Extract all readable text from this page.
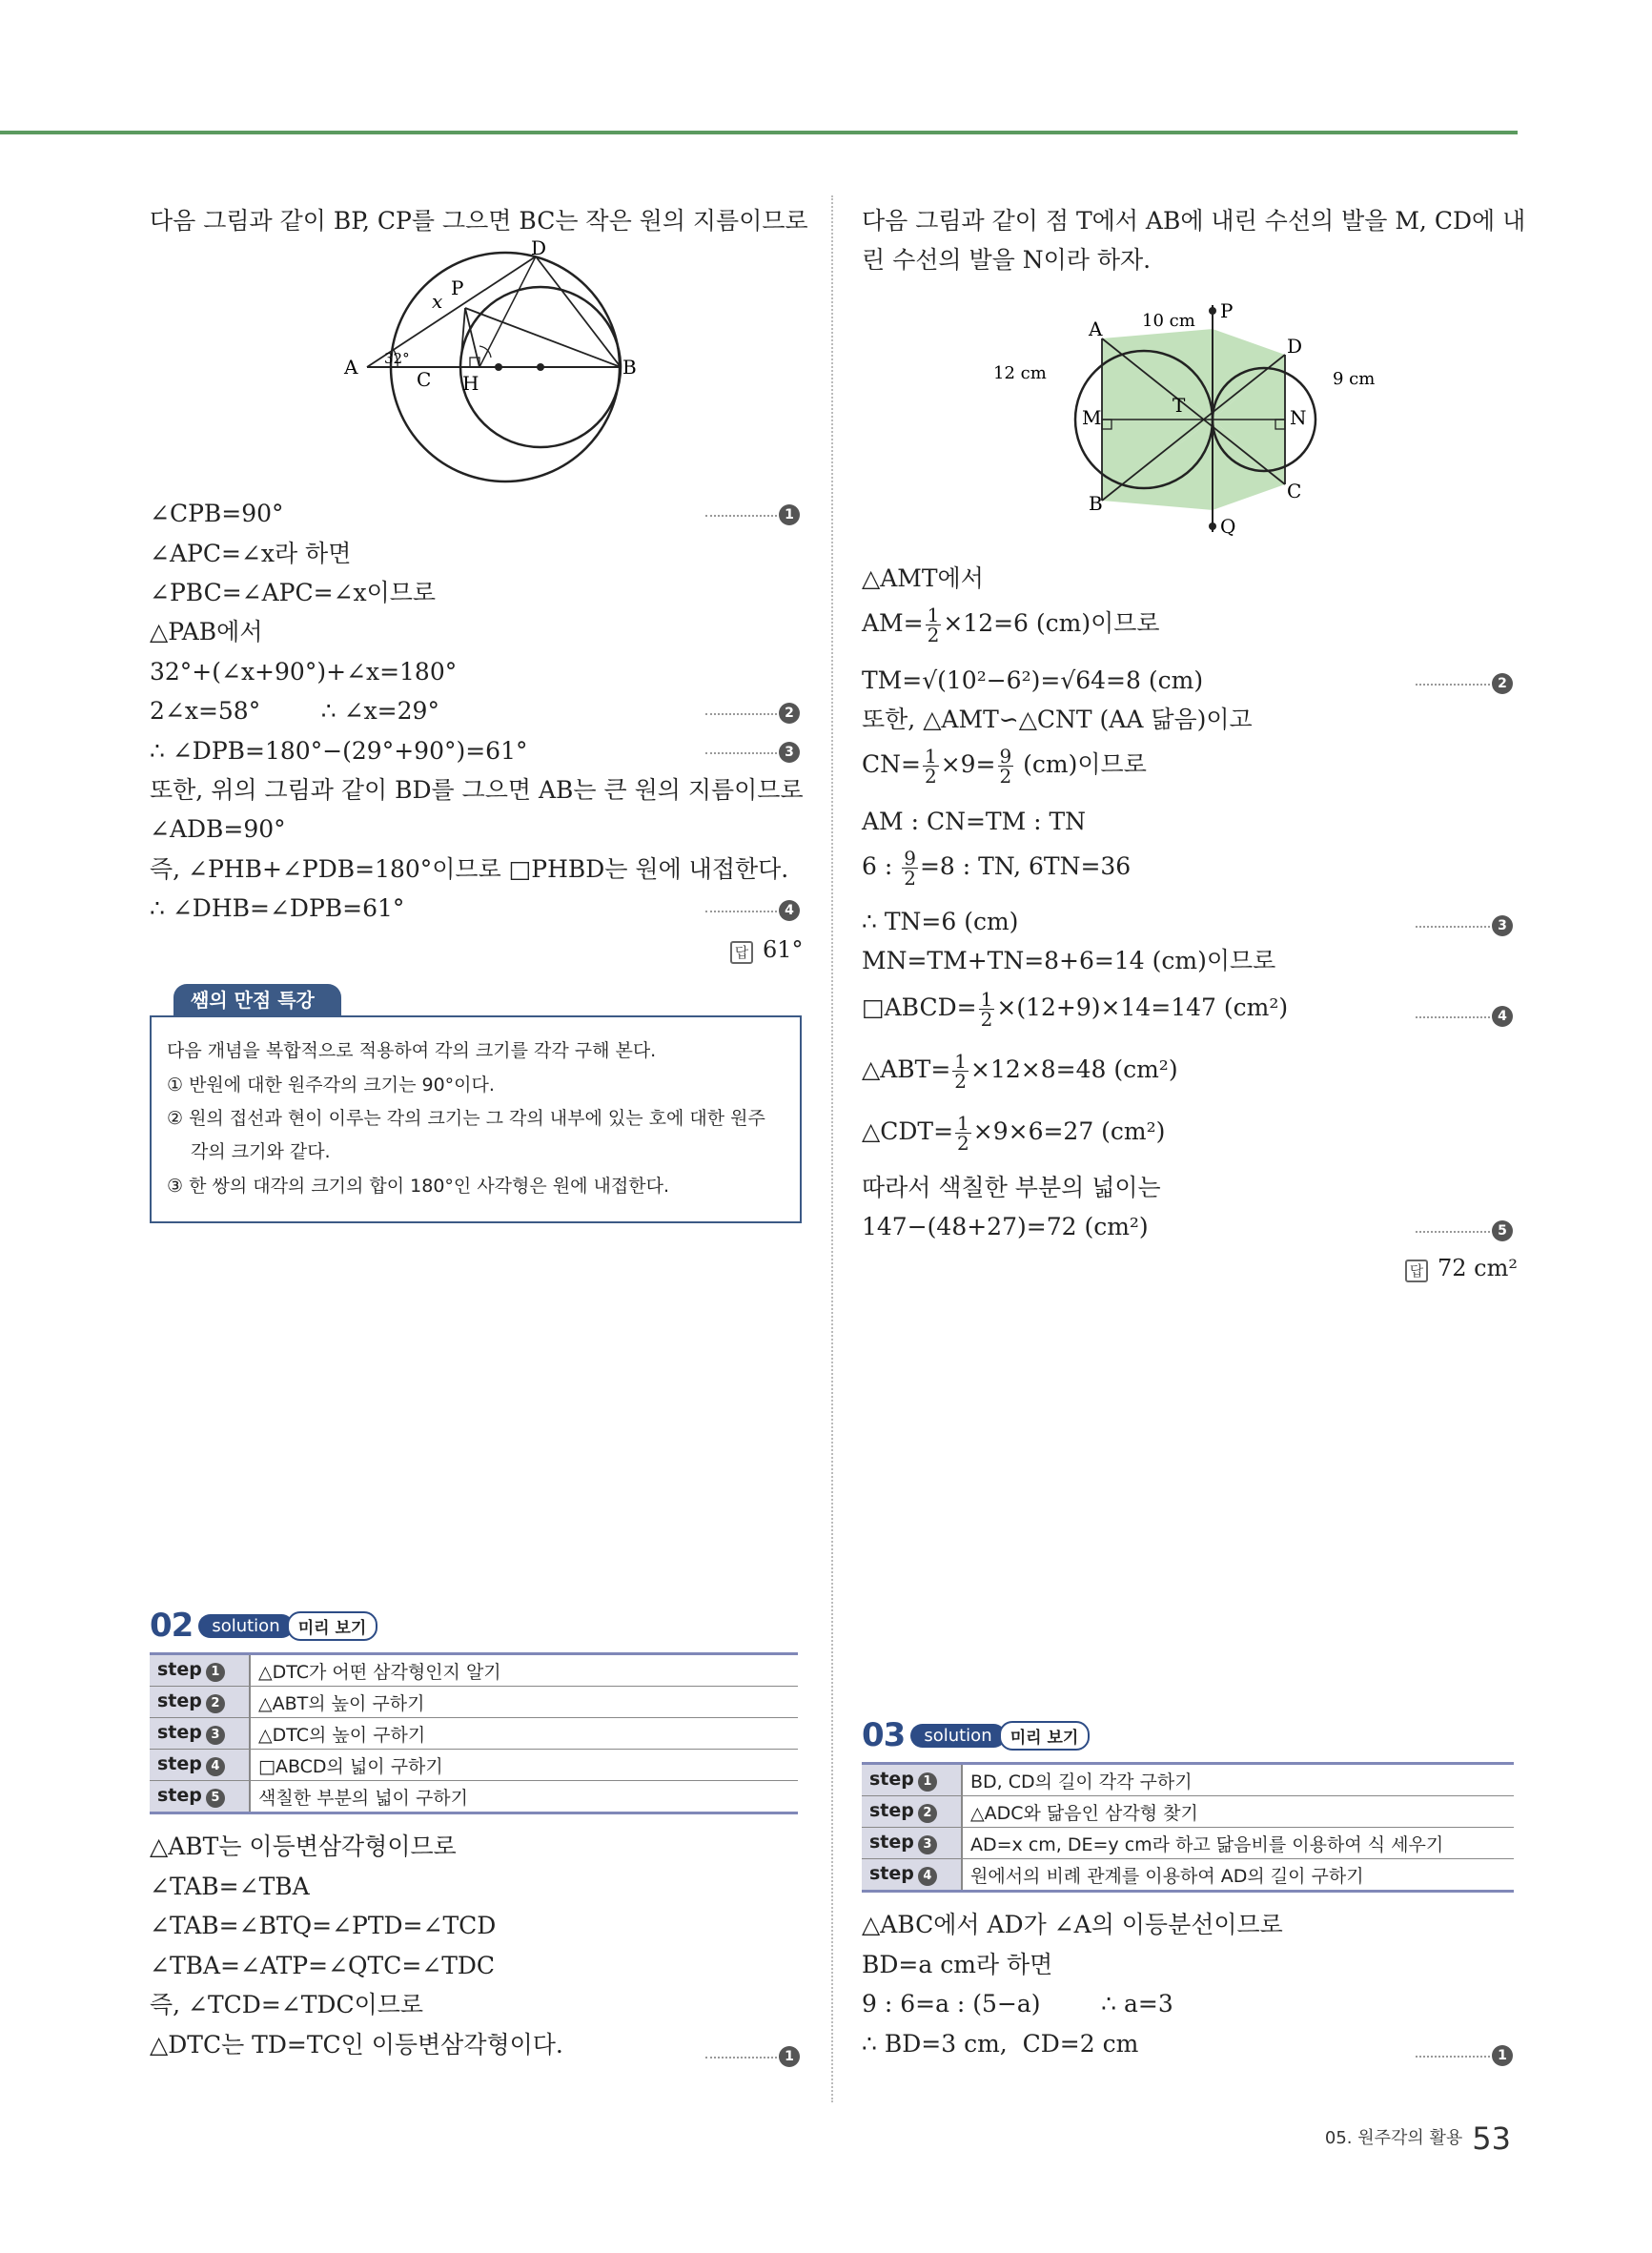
다음 그림과 같이 BP, CP를 그으면 BC는 작은 원의 지름이므로
A	B
C
D
H
P
x
32°
∠CPB=90°
∠APC=∠x라 하면
∠PBC=∠APC=∠x이므로
△PAB에서
32°+(∠x+90°)+∠x=180°
2∠x=58°        ∴ ∠x=29°
∴ ∠DPB=180°−(29°+90°)=61°
또한, 위의 그림과 같이 BD를 그으면 AB는 큰 원의 지름이므로
∠ADB=90°
즉, ∠PHB+∠PDB=180°이므로 □PHBD는 원에 내접한다.
∴ ∠DHB=∠DPB=61°
1
2
3
4
답 61°
쌤의 만점 특강
다음 개념을 복합적으로 적용하여 각의 크기를 각각 구해 본다.
① 반원에 대한 원주각의 크기는 90°이다.
② 원의 접선과 현이 이루는 각의 크기는 그 각의 내부에 있는 호에 대한 원주
각의 크기와 같다.
③ 한 쌍의 대각의 크기의 합이 180°인 사각형은 원에 내접한다.
02 solution 미리 보기
step 1	△DTC가 어떤 삼각형인지 알기
step 2	△ABT의 높이 구하기
step 3	△DTC의 높이 구하기
step 4	□ABCD의 넓이 구하기
step 5	색칠한 부분의 넓이 구하기
△ABT는 이등변삼각형이므로
∠TAB=∠TBA
∠TAB=∠BTQ=∠PTD=∠TCD
∠TBA=∠ATP=∠QTC=∠TDC
즉, ∠TCD=∠TDC이므로
△DTC는 TD=TC인 이등변삼각형이다.	1
다음 그림과 같이 점 T에서 AB에 내린 수선의 발을 M, CD에 내
린 수선의 발을 N이라 하자.
A
B
C
D
M	N
T
P
Q
10 cm
12 cm	9 cm
△AMT에서
$AM= \frac{1}{2} \times 12=6$ (cm)이므로
TM=√(10²−6²)=√64=8 (cm)
또한, △AMT∽△CNT (AA 닮음)이고
$CN= \frac{1}{2} \times 9= \frac{9}{2} (cm)$이므로
AM : CN=TM : TN
6 : $\frac{9}{2} =8$ : TN, 6TN=36
∴ TN=6 (cm)
MN=TM+TN=8+6=14 (cm)이므로
□ABCD= $\frac{1}{2} \times(12+9)\times 14=147$ (cm²)
△ABT= $\frac{1}{2} \times 12\times 8=48$ (cm²)
△CDT= $\frac{1}{2} \times 9\times 6=27$ (cm²)
따라서 색칠한 부분의 넓이는
147−(48+27)=72 (cm²)
2
3
4
5
답 72 cm²
03 solution 미리 보기
step 1	BD, CD의 길이 각각 구하기
step 2	△ADC와 닮음인 삼각형 찾기
step 3	AD=x cm, DE=y cm라 하고 닮음비를 이용하여 식 세우기
step 4	원에서의 비례 관계를 이용하여 AD의 길이 구하기
△ABC에서 AD가 ∠A의 이등분선이므로
BD=a cm라 하면
9 : 6=a : (5−a)        ∴ a=3
∴ BD=3 cm,  CD=2 cm	1
05. 원주각의 활용 53
